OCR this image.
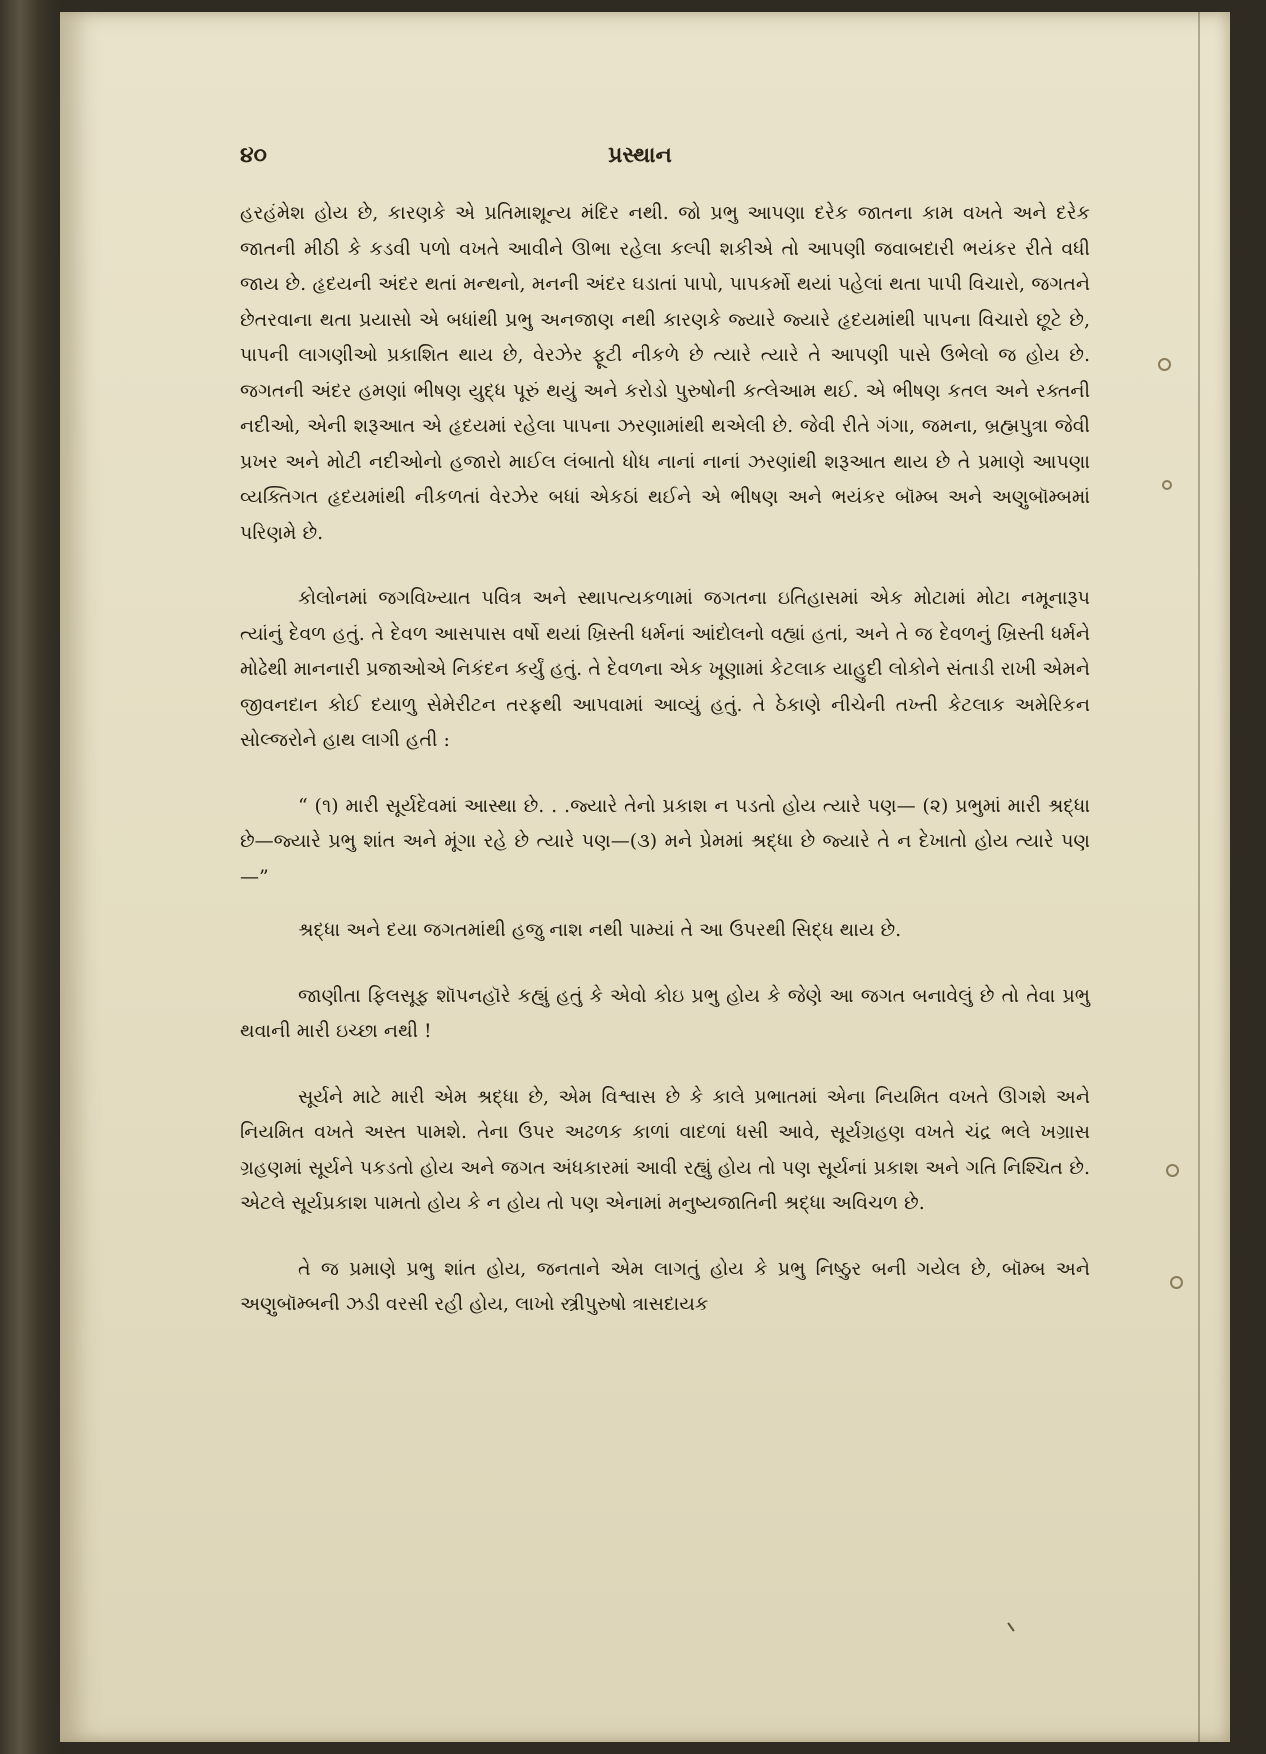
૪૦	પ્રસ્થાન

હરહંમેશ હોય છે, કારણકે એ પ્રતિમાશૂન્ય મંદિર નથી. જો પ્રભુ આપણા દરેક જાતના કામ વખતે અને દરેક જાતની મીઠી કે કડવી પળો વખતે આવીને ઊભા રહેલા કલ્પી શકીએ તો આપણી જવાબદારી ભયંકર રીતે વધી જાય છે. હૃદયની અંદર થતાં મન્થનો, મનની અંદર ઘડાતાં પાપો, પાપકર્મો થયાં પહેલાં થતા પાપી વિચારો, જગતને છેતરવાના થતા પ્રયાસો એ બધાંથી પ્રભુ અનજાણ નથી કારણકે જ્યારે જ્યારે હૃદયમાંથી પાપના વિચારો છૂટે છે, પાપની લાગણીઓ પ્રકાશિત થાય છે, વેરઝેર ફૂટી નીકળે છે ત્યારે ત્યારે તે આપણી પાસે ઉભેલો જ હોય છે. જગતની અંદર હમણાં ભીષણ યુદ્ધ પૂરું થયું અને કરોડો પુરુષોની કત્લેઆમ થઈ. એ ભીષણ કતલ અને રક્તની નદીઓ, એની શરૂઆત એ હૃદયમાં રહેલા પાપના ઝરણામાંથી થએલી છે. જેવી રીતે ગંગા, જમના, બ્રહ્મપુત્રા જેવી પ્રખર અને મોટી નદીઓનો હજારો માઈલ લંબાતો ધોધ નાનાં નાનાં ઝરણાંથી શરૂઆત થાય છે તે પ્રમાણે આપણા વ્યક્તિગત હૃદયમાંથી નીકળતાં વેરઝેર બધાં એકઠાં થઈને એ ભીષણ અને ભયંકર બૉમ્બ અને અણુબૉમ્બમાં પરિણમે છે.

કોલોનમાં જગવિખ્યાત પવિત્ર અને સ્થાપત્યકળામાં જગતના ઇતિહાસમાં એક મોટામાં મોટા નમૂનારૂપ ત્યાંનું દેવળ હતું. તે દેવળ આસપાસ વર્ષો થયાં ખ્રિસ્તી ધર્મનાં આંદોલનો વહ્યાં હતાં, અને તે જ દેવળનું ખ્રિસ્તી ધર્મને મોઢેથી માનનારી પ્રજાઓએ નિકંદન કર્યું હતું. તે દેવળના એક ખૂણામાં કેટલાક યાહુદી લોકોને સંતાડી રાખી એમને જીવનદાન કોઈ દયાળુ સેમેરીટન તરફથી આપવામાં આવ્યું હતું. તે ઠેકાણે નીચેની તખ્તી કેટલાક અમેરિકન સોલ્જરોને હાથ લાગી હતી :

“ (૧) મારી સૂર્યદેવમાં આસ્થા છે. . .જ્યારે તેનો પ્રકાશ ન પડતો હોય ત્યારે પણ— (૨) પ્રભુમાં મારી શ્રદ્ધા છે—જ્યારે પ્રભુ શાંત અને મૂંગા રહે છે ત્યારે પણ—(૩) મને પ્રેમમાં શ્રદ્ધા છે જ્યારે તે ન દેખાતો હોય ત્યારે પણ—”

શ્રદ્ધા અને દયા જગતમાંથી હજુ નાશ નથી પામ્યાં તે આ ઉપરથી સિદ્ધ થાય છે.

જાણીતા ફિલસૂફ શૉપનહૉરે કહ્યું હતું કે એવો કોઇ પ્રભુ હોય કે જેણે આ જગત બનાવેલું છે તો તેવા પ્રભુ થવાની મારી ઇચ્છા નથી !

સૂર્યને માટે મારી એમ શ્રદ્ધા છે, એમ વિશ્વાસ છે કે કાલે પ્રભાતમાં એના નિયમિત વખતે ઊગશે અને નિયમિત વખતે અસ્ત પામશે. તેના ઉપર અઢળક કાળાં વાદળાં ધસી આવે, સૂર્યગ્રહણ વખતે ચંદ્ર ભલે ખગ્રાસ ગ્રહણમાં સૂર્યને પકડતો હોય અને જગત અંધકારમાં આવી રહ્યું હોય તો પણ સૂર્યનાં પ્રકાશ અને ગતિ નિશ્ચિત છે. એટલે સૂર્યપ્રકાશ પામતો હોય કે ન હોય તો પણ એનામાં મનુષ્યજાતિની શ્રદ્ધા અવિચળ છે.

તે જ પ્રમાણે પ્રભુ શાંત હોય, જનતાને એમ લાગતું હોય કે પ્રભુ નિષ્ઠુર બની ગયેલ છે, બૉમ્બ અને અણુબૉમ્બની ઝડી વરસી રહી હોય, લાખો સ્ત્રીપુરુષો ત્રાસદાયક
